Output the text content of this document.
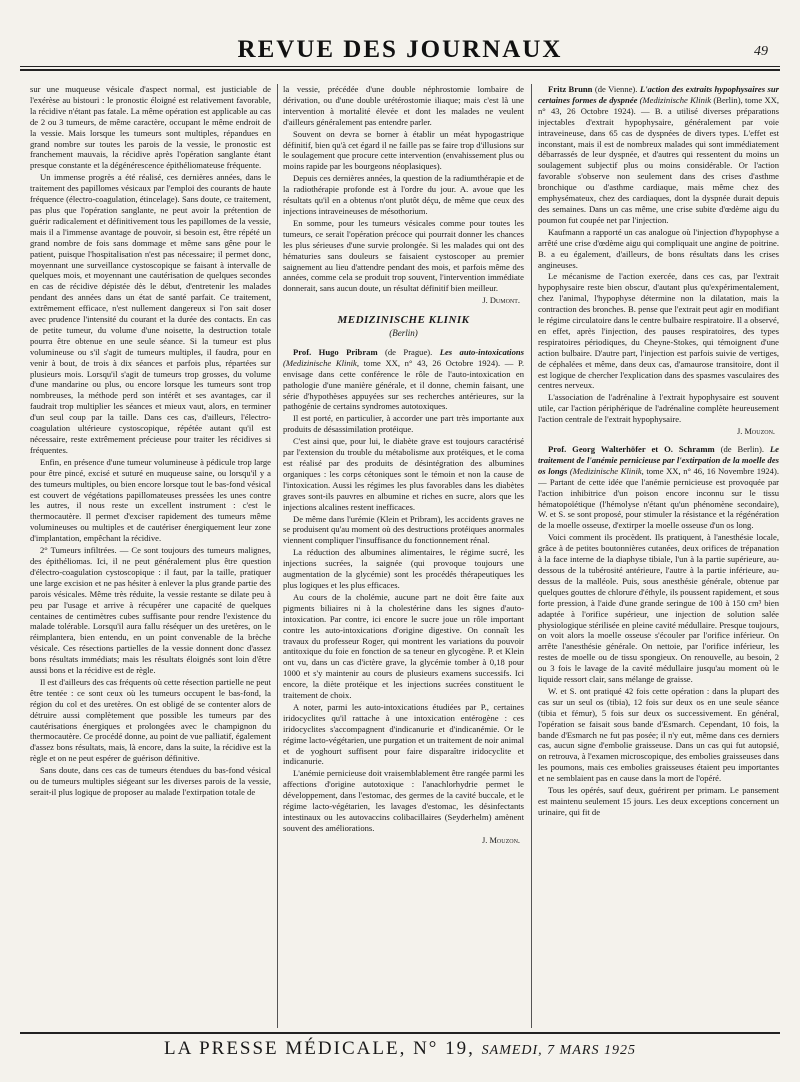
REVUE DES JOURNAUX	49

sur une muqueuse vésicale d'aspect normal, est justiciable de l'exérèse au bistouri : le pronostic éloigné est relativement favorable, la récidive n'étant pas fatale. La même opération est applicable au cas de 2 ou 3 tumeurs, de même caractère, occupant le même endroit de la vessie. Mais lorsque les tumeurs sont multiples, répandues en grand nombre sur toutes les parois de la vessie, le pronostic est franchement mauvais, la récidive après l'opération sanglante étant presque constante et la dégénérescence épithéliomateuse fréquente.

Un immense progrès a été réalisé, ces dernières années, dans le traitement des papillomes vésicaux par l'emploi des courants de haute fréquence (électro-coagulation, étincelage). Sans doute, ce traitement, pas plus que l'opération sanglante, ne peut avoir la prétention de guérir radicalement et définitivement tous les papillomes de la vessie, mais il a l'immense avantage de pouvoir, si besoin est, être répété un grand nombre de fois sans dommage et même sans gêne pour le patient, puisque l'hospitalisation n'est pas nécessaire; il permet donc, moyennant une surveillance cystoscopique se faisant à intervalle de quelques mois, et moyennant une cautérisation de quelques secondes en cas de récidive dépistée dès le début, d'entretenir les malades pendant des années dans un état de santé parfait. Ce traitement, extrêmement efficace, n'est nullement dangereux si l'on sait doser avec prudence l'intensité du courant et la durée des contacts. En cas de petite tumeur, du volume d'une noisette, la destruction totale pourra être obtenue en une seule séance. Si la tumeur est plus volumineuse ou s'il s'agit de tumeurs multiples, il faudra, pour en venir à bout, de trois à dix séances et parfois plus, répartées sur plusieurs mois. Lorsqu'il s'agit de tumeurs trop grosses, du volume d'une mandarine ou plus, ou encore lorsque les tumeurs sont trop nombreuses, la méthode perd son intérêt et ses avantages, car il faudrait trop multiplier les séances et mieux vaut, alors, en terminer d'un seul coup par la taille. Dans ces cas, d'ailleurs, l'électro-coagulation ultérieure cystoscopique, répétée autant qu'il est nécessaire, reste extrêmement précieuse pour traiter les récidives si fréquentes.

Enfin, en présence d'une tumeur volumineuse à pédicule trop large pour être pincé, excisé et suturé en muqueuse saine, ou lorsqu'il y a des tumeurs multiples, ou bien encore lorsque tout le bas-fond vésical est couvert de végétations papillomateuses pressées les unes contre les autres, il nous reste un excellent instrument : c'est le thermocautère. Il permet d'exciser rapidement des tumeurs même volumineuses ou multiples et de cautériser énergiquement leur zone d'implantation, empêchant la récidive.

2° Tumeurs infiltrées. — Ce sont toujours des tumeurs malignes, des épithéliomas. Ici, il ne peut généralement plus être question d'électro-coagulation cystoscopique : il faut, par la taille, pratiquer une large excision et ne pas hésiter à enlever la plus grande partie des parois vésicales. Même très réduite, la vessie restante se dilate peu à peu par l'usage et arrive à récupérer une capacité de quelques centaines de centimètres cubes suffisante pour rendre l'existence du malade tolérable. Lorsqu'il aura fallu réséquer un des uretères, on le réimplantera, bien entendu, en un point convenable de la brèche vésicale. Ces résections partielles de la vessie donnent donc d'assez bons résultats immédiats; mais les résultats éloignés sont loin d'être aussi bons et la récidive est de règle.

Il est d'ailleurs des cas fréquents où cette résection partielle ne peut être tentée : ce sont ceux où les tumeurs occupent le bas-fond, la région du col et des uretères. On est obligé de se contenter alors de détruire aussi complètement que possible les tumeurs par des cautérisations énergiques et prolongées avec le champignon du thermocautère. Ce procédé donne, au point de vue palliatif, également d'assez bons résultats, mais, là encore, dans la suite, la récidive est la règle et on ne peut espérer de guérison définitive.

Sans doute, dans ces cas de tumeurs étendues du bas-fond vésical ou de tumeurs multiples siégeant sur les diverses parois de la vessie, serait-il plus logique de proposer au malade l'extirpation totale de

la vessie, précédée d'une double néphrostomie lombaire de dérivation, ou d'une double urétérostomie iliaque; mais c'est là une intervention à mortalité élevée et dont les malades ne veulent d'ailleurs généralement pas entendre parler.

Souvent on devra se borner à établir un méat hypogastrique définitif, bien qu'à cet égard il ne faille pas se faire trop d'illusions sur le soulagement que procure cette intervention (envahissement plus ou moins rapide par les bourgeons néoplasiques).

Depuis ces dernières années, la question de la radiumthérapie et de la radiothérapie profonde est à l'ordre du jour. A. avoue que les résultats qu'il en a obtenus n'ont plutôt déçu, de même que ceux des injections intraveineuses de mésothorium.

En somme, pour les tumeurs vésicales comme pour toutes les tumeurs, ce serait l'opération précoce qui pourrait donner les chances les plus sérieuses d'une survie prolongée. Si les malades qui ont des hématuries sans douleurs se faisaient cystoscoper au premier saignement au lieu d'attendre pendant des mois, et parfois même des années, comme cela se produit trop souvent, l'intervention immédiate donnerait, sans aucun doute, un résultat définitif bien meilleur.

J. Dumont.
MEDIZINISCHE KLINIK
(Berlin)

Prof. Hugo Pribram (de Prague). Les auto-intoxications (Medizinische Klinik, tome XX, n° 43, 26 Octobre 1924). — P. envisage dans cette conférence le rôle de l'auto-intoxication en pathologie d'une manière générale, et il donne, chemin faisant, une série d'hypothèses appuyées sur ses recherches antérieures, sur la pathogénie de certains syndromes autotoxiques.

Il est porté, en particulier, à accorder une part très importante aux produits de désassimilation protéique.

C'est ainsi que, pour lui, le diabète grave est toujours caractérisé par l'extension du trouble du métabolisme aux protéiques, et le coma est réalisé par des produits de désintégration des albumines organiques : les corps cétoniques sont le témoin et non la cause de l'intoxication. Aussi les régimes les plus favorables dans les diabètes graves sont-ils pauvres en albumine et riches en sucre, alors que les injections alcalines restent inefficaces.

De même dans l'urémie (Klein et Pribram), les accidents graves ne se produisent qu'au moment où des destructions protéiques anormales viennent compliquer l'insuffisance du fonctionnement rénal.

La réduction des albumines alimentaires, le régime sucré, les injections sucrées, la saignée (qui provoque toujours une augmentation de la glycémie) sont les procédés thérapeutiques les plus logiques et les plus efficaces.

Au cours de la cholémie, aucune part ne doit être faite aux pigments biliaires ni à la cholestérine dans les signes d'auto-intoxication. Par contre, ici encore le sucre joue un rôle important contre les auto-intoxications d'origine digestive. On connaît les travaux du professeur Roger, qui montrent les variations du pouvoir antitoxique du foie en fonction de sa teneur en glycogène. P. et Klein ont vu, dans un cas d'ictère grave, la glycémie tomber à 0,18 pour 1000 et s'y maintenir au cours de plusieurs examens successifs. Ici encore, la diète protéique et les injections sucrées constituent le traitement de choix.

A noter, parmi les auto-intoxications étudiées par P., certaines iridocyclites qu'il rattache à une intoxication entérogène : ces iridocyclites s'accompagnent d'indicanurie et d'indicanémie. Or le régime lacto-végétarien, une purgation et un traitement de noir animal et de yoghourt suffisent pour faire disparaître iridocyclite et indicanurie.

L'anémie pernicieuse doit vraisemblablement être rangée parmi les affections d'origine autotoxique : l'anachlorhydrie permet le développement, dans l'estomac, des germes de la cavité buccale, et le régime lacto-végétarien, les lavages d'estomac, les désinfectants intestinaux ou les autovaccins colibacillaires (Seyderhelm) amènent souvent des améliorations.

J. Mouzon.

Fritz Brunn (de Vienne). L'action des extraits hypophysaires sur certaines formes de dyspnée (Medizinische Klinik (Berlin), tome XX, n° 43, 26 Octobre 1924). — B. a utilisé diverses préparations injectables d'extrait hypophysaire, généralement par voie intraveineuse, dans 65 cas de dyspnées de divers types. L'effet est inconstant, mais il est de nombreux malades qui sont immédiatement débarrassés de leur dyspnée, et d'autres qui ressentent du moins un soulagement subjectif plus ou moins considérable. Or l'action favorable s'observe non seulement dans des crises d'asthme bronchique ou d'asthme cardiaque, mais même chez des emphysémateux, chez des cardiaques, dont la dyspnée durait depuis des semaines. Dans un cas même, une crise subite d'œdème aigu du poumon fut coupée net par l'injection.

Kaufmann a rapporté un cas analogue où l'injection d'hypophyse a arrêté une crise d'œdème aigu qui compliquait une angine de poitrine. B. a eu également, d'ailleurs, de bons résultats dans les crises angineuses.

Le mécanisme de l'action exercée, dans ces cas, par l'extrait hypophysaire reste bien obscur, d'autant plus qu'expérimentalement, chez l'animal, l'hypophyse détermine non la dilatation, mais la contraction des bronches. B. pense que l'extrait peut agir en modifiant le régime circulatoire dans le centre bulbaire respiratoire. Il a observé, en effet, après l'injection, des pauses respiratoires, des types respiratoires périodiques, du Cheyne-Stokes, qui témoignent d'une action bulbaire. D'autre part, l'injection est parfois suivie de vertiges, de céphalées et même, dans deux cas, d'amaurose transitoire, dont il est logique de chercher l'explication dans des spasmes vasculaires des centres nerveux.

L'association de l'adrénaline à l'extrait hypophysaire est souvent utile, car l'action périphérique de l'adrénaline complète heureusement l'action centrale de l'extrait hypophysaire.

J. Mouzon.

Prof. Georg Walterhöfer et O. Schramm (de Berlin). Le traitement de l'anémie pernicieuse par l'extirpation de la moelle des os longs (Medizinische Klinik, tome XX, n° 46, 16 Novembre 1924). — Partant de cette idée que l'anémie pernicieuse est provoquée par l'action inhibitrice d'un poison encore inconnu sur le tissu hématopoïétique (l'hémolyse n'étant qu'un phénomène secondaire), W. et S. se sont proposé, pour stimuler la résistance et la régénération de la moelle osseuse, d'extirper la moelle osseuse d'un os long.

Voici comment ils procèdent. Ils pratiquent, à l'anesthésie locale, grâce à de petites boutonnières cutanées, deux orifices de trépanation à la face interne de la diaphyse tibiale, l'un à la partie supérieure, au-dessous de la tubérosité antérieure, l'autre à la partie inférieure, au-dessus de la malléole. Puis, sous anesthésie générale, obtenue par quelques gouttes de chlorure d'éthyle, ils poussent rapidement, et sous forte pression, à l'aide d'une grande seringue de 100 à 150 cm³ bien adaptée à l'orifice supérieur, une injection de solution salée physiologique stérilisée en pleine cavité médullaire. Presque toujours, on voit alors la moelle osseuse s'écouler par l'orifice inférieur. On arrête l'anesthésie générale. On nettoie, par l'orifice inférieur, les restes de moelle ou de tissu spongieux. On renouvelle, au besoin, 2 ou 3 fois le lavage de la cavité médullaire jusqu'au moment où le liquide ressort clair, sans mélange de graisse.

W. et S. ont pratiqué 42 fois cette opération : dans la plupart des cas sur un seul os (tibia), 12 fois sur deux os en une seule séance (tibia et fémur), 5 fois sur deux os successivement. En général, l'opération se faisait sous bande d'Esmarch. Cependant, 10 fois, la bande d'Esmarch ne fut pas posée; il n'y eut, même dans ces derniers cas, aucun signe d'embolie graisseuse. Dans un cas qui fut autopsié, on retrouva, à l'examen microscopique, des embolies graisseuses dans les poumons, mais ces embolies graisseuses étaient peu importantes et ne semblaient pas en cause dans la mort de l'opéré.

Tous les opérés, sauf deux, guérirent per primam. Le pansement est maintenu seulement 15 jours. Les deux exceptions concernent un urinaire, qui fit de

LA PRESSE MÉDICALE, N° 19, SAMEDI, 7 MARS 1925
